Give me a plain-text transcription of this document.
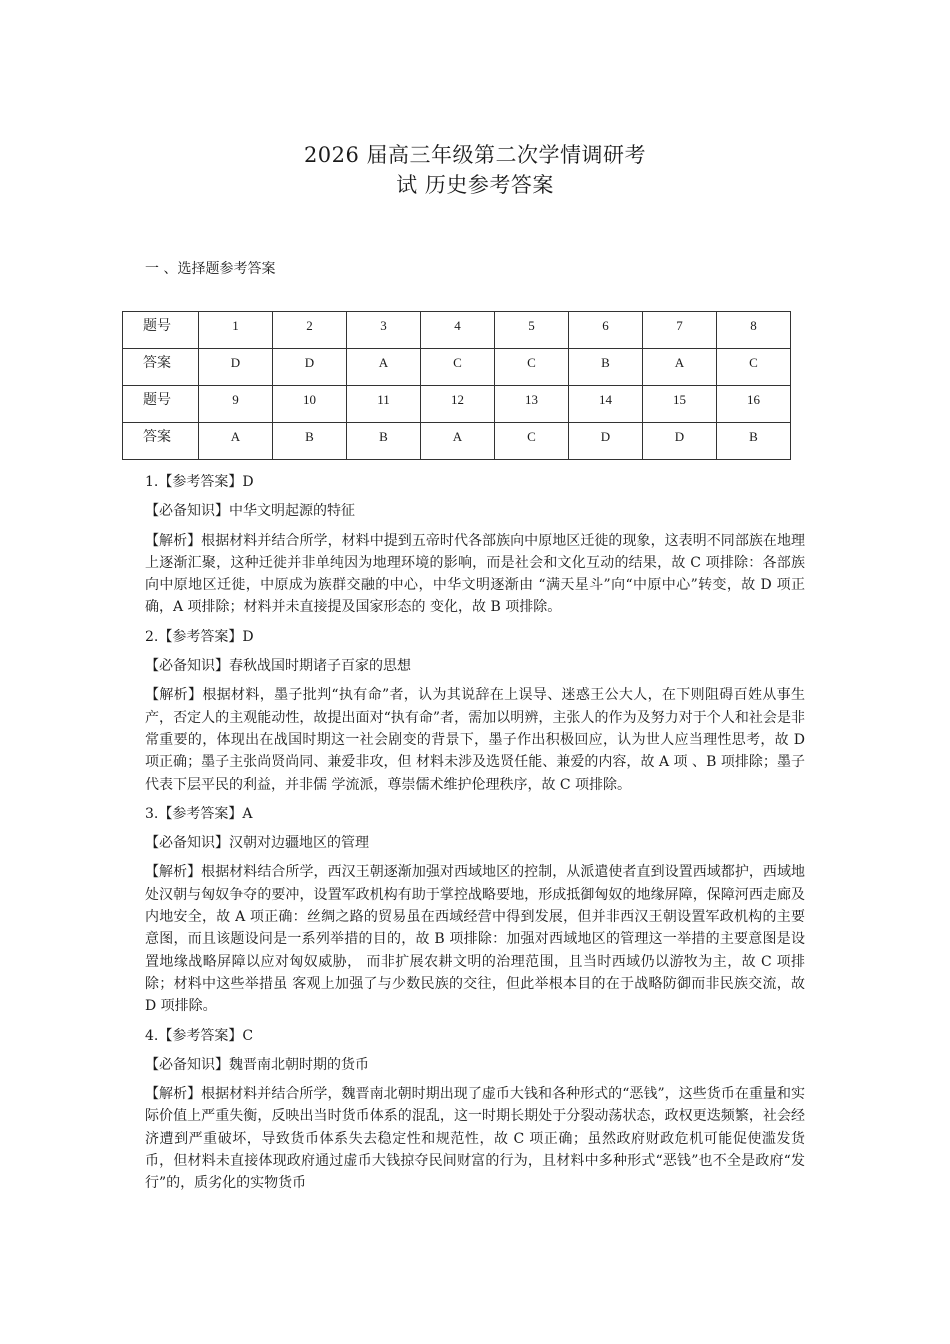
2026 届高三年级第二次学情调研考
试 历史参考答案
一 、选择题参考答案
题号	1	2	3	4	5	6	7	8
答案	D	D	A	C	C	B	A	C
题号	9	10	11	12	13	14	15	16
答案	A	B	B	A	C	D	D	B

1.【参考答案】D

【必备知识】中华文明起源的特征

【解析】根据材料并结合所学，材料中提到五帝时代各部族向中原地区迁徙的现象，这表明不同部族在地理上逐渐汇聚，这种迁徙并非单纯因为地理环境的影响，而是社会和文化互动的结果，故 C 项排除：各部族向中原地区迁徙，中原成为族群交融的中心，中华文明逐渐由 “满天星斗”向“中原中心”转变，故 D 项正确，A 项排除；材料并未直接提及国家形态的 变化，故 B 项排除。

2.【参考答案】D

【必备知识】春秋战国时期诸子百家的思想

【解析】根据材料，墨子批判“执有命”者，认为其说辞在上误导、迷惑王公大人，在下则阻碍百姓从事生产，否定人的主观能动性，故提出面对“执有命”者，需加以明辨，主张人的作为及努力对于个人和社会是非常重要的，体现出在战国时期这一社会剧变的背景下，墨子作出积极回应，认为世人应当理性思考，故 D 项正确；墨子主张尚贤尚同、兼爱非攻，但 材料未涉及选贤任能、兼爱的内容，故 A 项 、B 项排除；墨子代表下层平民的利益，并非儒 学流派，尊崇儒术维护伦理秩序，故 C 项排除。

3.【参考答案】A

【必备知识】汉朝对边疆地区的管理

【解析】根据材料结合所学，西汉王朝逐渐加强对西域地区的控制，从派遣使者直到设置西域都护，西域地处汉朝与匈奴争夺的要冲，设置军政机构有助于掌控战略要地，形成抵御匈奴的地缘屏障，保障河西走廊及内地安全，故 A 项正确：丝绸之路的贸易虽在西域经营中得到发展，但并非西汉王朝设置军政机构的主要意图，而且该题设问是一系列举措的目的，故 B 项排除：加强对西域地区的管理这一举措的主要意图是设置地缘战略屏障以应对匈奴威胁， 而非扩展农耕文明的治理范围，且当时西域仍以游牧为主，故 C 项排除；材料中这些举措虽 客观上加强了与少数民族的交往，但此举根本目的在于战略防御而非民族交流，故 D 项排除。

4.【参考答案】C

【必备知识】魏晋南北朝时期的货币

【解析】根据材料并结合所学，魏晋南北朝时期出现了虚币大钱和各种形式的“恶钱”，这些货币在重量和实际价值上严重失衡，反映出当时货币体系的混乱，这一时期长期处于分裂动荡状态，政权更迭频繁，社会经济遭到严重破坏，导致货币体系失去稳定性和规范性，故 C 项正确；虽然政府财政危机可能促使滥发货币，但材料未直接体现政府通过虚币大钱掠夺民间财富的行为，且材料中多种形式“恶钱”也不全是政府“发行”的，质劣化的实物货币
